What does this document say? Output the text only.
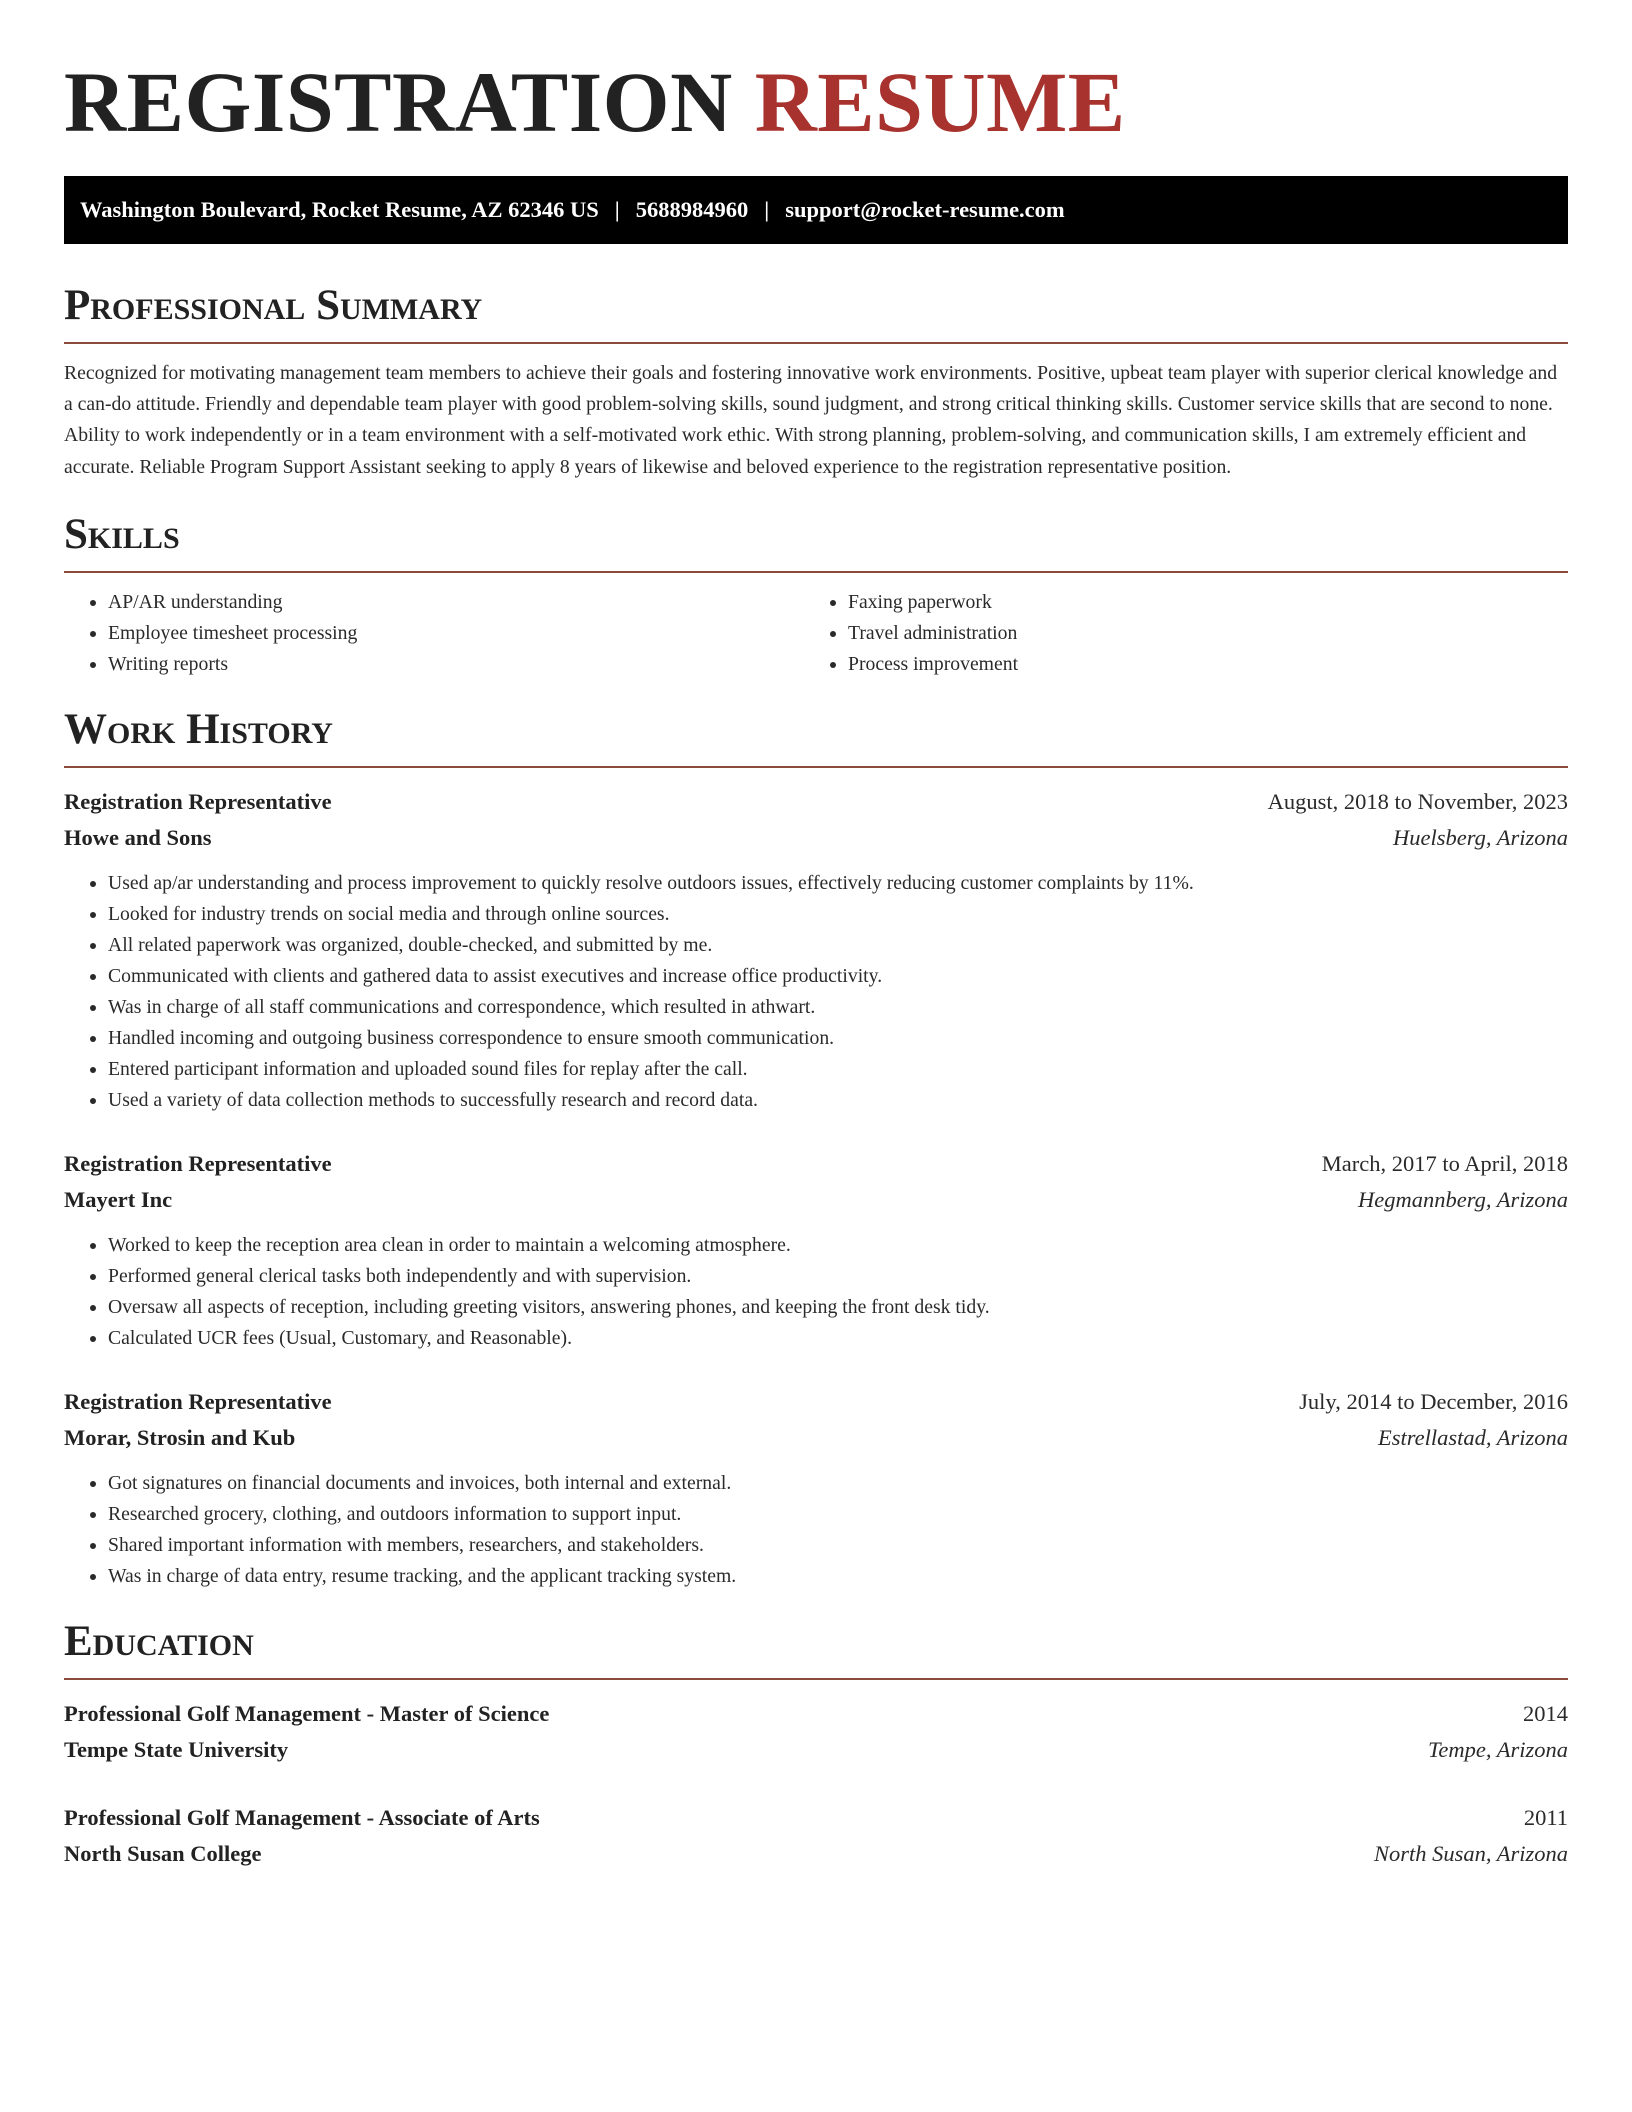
REGISTRATION RESUME
Washington Boulevard, Rocket Resume, AZ 62346 US | 5688984960 | support@rocket-resume.com
Professional Summary

Recognized for motivating management team members to achieve their goals and fostering innovative work environments. Positive, upbeat team player with superior clerical knowledge and a can-do attitude. Friendly and dependable team player with good problem-solving skills, sound judgment, and strong critical thinking skills. Customer service skills that are second to none. Ability to work independently or in a team environment with a self-motivated work ethic. With strong planning, problem-solving, and communication skills, I am extremely efficient and accurate. Reliable Program Support Assistant seeking to apply 8 years of likewise and beloved experience to the registration representative position.

Skills
• AP/AR understanding
• Employee timesheet processing
• Writing reports
• Faxing paperwork
• Travel administration
• Process improvement
Work History
Registration Representative	August, 2018 to November, 2023
Howe and Sons	Huelsberg, Arizona
• Used ap/ar understanding and process improvement to quickly resolve outdoors issues, effectively reducing customer complaints by 11%.
• Looked for industry trends on social media and through online sources.
• All related paperwork was organized, double-checked, and submitted by me.
• Communicated with clients and gathered data to assist executives and increase office productivity.
• Was in charge of all staff communications and correspondence, which resulted in athwart.
• Handled incoming and outgoing business correspondence to ensure smooth communication.
• Entered participant information and uploaded sound files for replay after the call.
• Used a variety of data collection methods to successfully research and record data.
Registration Representative	March, 2017 to April, 2018
Mayert Inc	Hegmannberg, Arizona
• Worked to keep the reception area clean in order to maintain a welcoming atmosphere.
• Performed general clerical tasks both independently and with supervision.
• Oversaw all aspects of reception, including greeting visitors, answering phones, and keeping the front desk tidy.
• Calculated UCR fees (Usual, Customary, and Reasonable).
Registration Representative	July, 2014 to December, 2016
Morar, Strosin and Kub	Estrellastad, Arizona
• Got signatures on financial documents and invoices, both internal and external.
• Researched grocery, clothing, and outdoors information to support input.
• Shared important information with members, researchers, and stakeholders.
• Was in charge of data entry, resume tracking, and the applicant tracking system.
Education
Professional Golf Management - Master of Science	2014
Tempe State University	Tempe, Arizona
Professional Golf Management - Associate of Arts	2011
North Susan College	North Susan, Arizona
